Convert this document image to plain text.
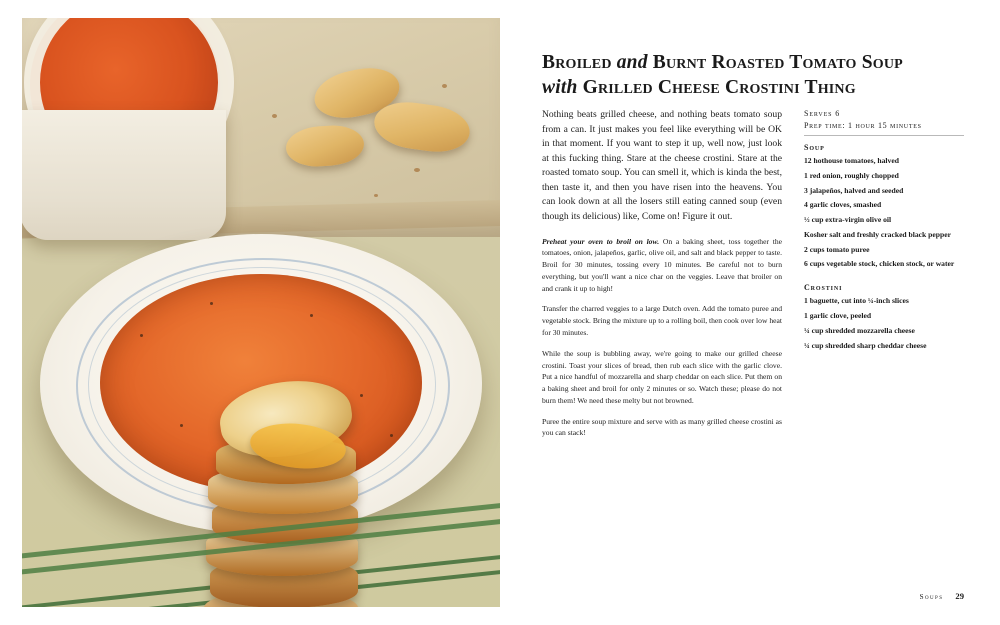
Broiled and Burnt Roasted Tomato Soup
with Grilled Cheese Crostini Thing

Nothing beats grilled cheese, and nothing beats tomato soup from a can. It just makes you feel like everything will be OK in that moment. If you want to step it up, well now, just look at this fucking thing. Stare at the cheese crostini. Stare at the roasted tomato soup. You can smell it, which is kinda the best, then taste it, and then you have risen into the heavens. You can look down at all the losers still eating canned soup (even though its delicious) like, Come on! Figure it out.

Preheat your oven to broil on low. On a baking sheet, toss together the tomatoes, onion, jalapeños, garlic, olive oil, and salt and black pepper to taste. Broil for 30 minutes, tossing every 10 minutes. Be careful not to burn everything, but you'll want a nice char on the veggies. Leave that broiler on and crank it up to high!

Transfer the charred veggies to a large Dutch oven. Add the tomato puree and vegetable stock. Bring the mixture up to a rolling boil, then cook over low heat for 30 minutes.

While the soup is bubbling away, we're going to make our grilled cheese crostini. Toast your slices of bread, then rub each slice with the garlic clove. Put a nice handful of mozzarella and sharp cheddar on each slice. Put them on a baking sheet and broil for only 2 minutes or so. Watch these; please do not burn them! We need these melty but not browned.

Puree the entire soup mixture and serve with as many grilled cheese crostini as you can stack!

Serves 6
Prep time: 1 hour 15 minutes
Soup
12 hothouse tomatoes, halved
1 red onion, roughly chopped
3 jalapeños, halved and seeded
4 garlic cloves, smashed
½ cup extra-virgin olive oil
Kosher salt and freshly cracked black pepper
2 cups tomato puree
6 cups vegetable stock, chicken stock, or water
Crostini
1 baguette, cut into ¼-inch slices
1 garlic clove, peeled
¼ cup shredded mozzarella cheese
¼ cup shredded sharp cheddar cheese
Soups 29
